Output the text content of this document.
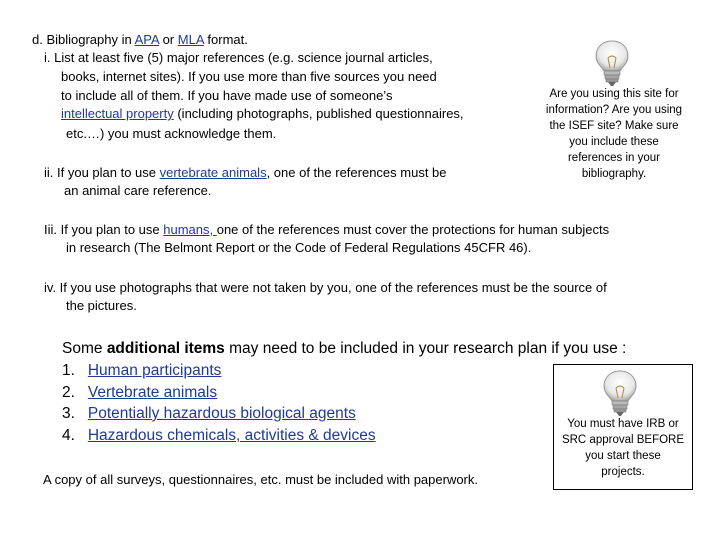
d. Bibliography in APA or MLA format.
i. List at least five (5) major references (e.g. science journal articles,
books, internet sites). If you use more than five sources you need
to include all of them. If you have made use of someone’s
intellectual property (including photographs, published questionnaires,
etc.…) you must acknowledge them.
ii. If you plan to use vertebrate animals, one of the references must be
an animal care reference.
Are you using this site for
information? Are you using
the ISEF site? Make sure
you include these
references in your
bibliography.
Iii. If you plan to use humans, one of the references must cover the protections for human subjects
in research (The Belmont Report or the Code of Federal Regulations 45CFR 46).
iv. If you use photographs that were not taken by you, one of the references must be the source of
the pictures.
Some additional items may need to be included in your research plan if you use :
1. Human participants
2. Vertebrate animals
3. Potentially hazardous biological agents
4. Hazardous chemicals, activities & devices
You must have IRB or
SRC approval BEFORE
you start these
projects.
A copy of all surveys, questionnaires, etc. must be included with paperwork.
